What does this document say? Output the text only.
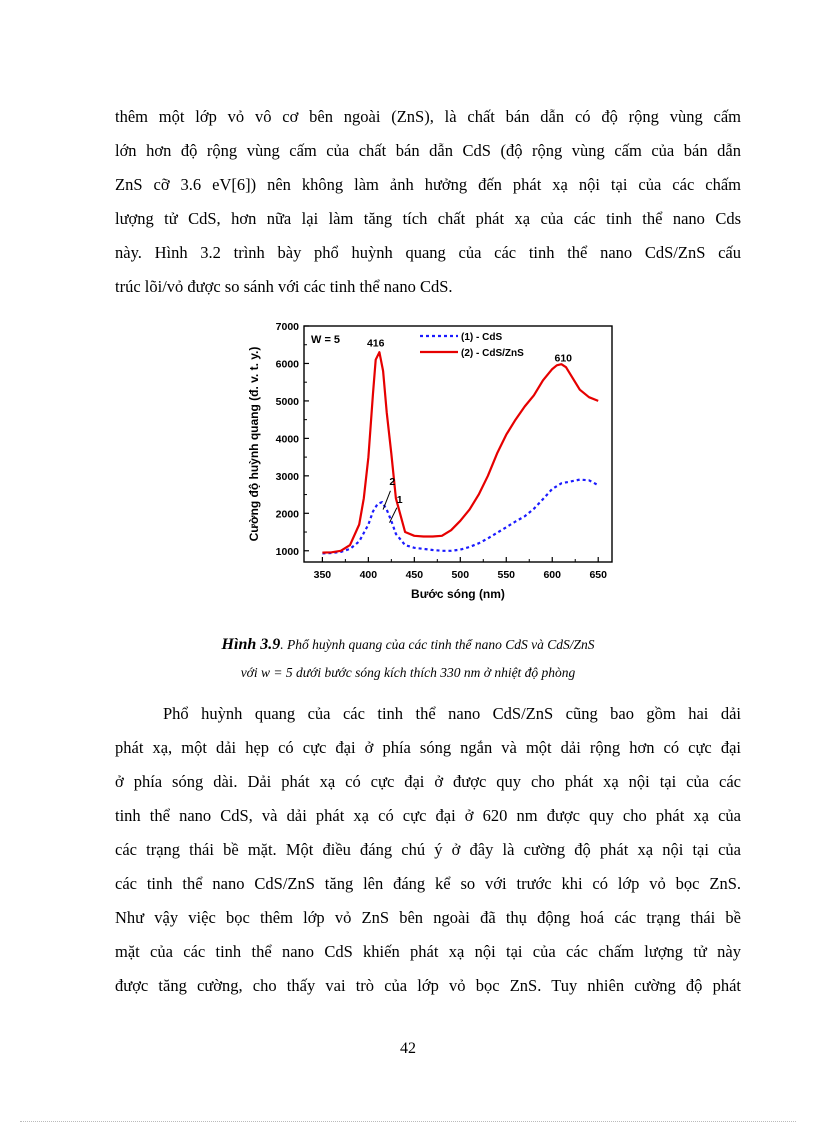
thêm một lớp vỏ vô cơ bên ngoài (ZnS), là chất bán dẫn có độ rộng vùng cấm
lớn hơn độ rộng vùng cấm của chất bán dẫn CdS (độ rộng vùng cấm của bán dẫn
ZnS cỡ 3.6 eV[6]) nên không làm ảnh hưởng đến phát xạ nội tại của các chấm
lượng tử CdS, hơn nữa lại làm tăng tích chất phát xạ của các tinh thể nano Cds
này. Hình 3.2 trình bày phổ huỳnh quang của các tinh thể nano CdS/ZnS cấu
trúc lõi/vỏ được so sánh với các tinh thể nano CdS.
350	400	450	500	550	600	650
1000
2000
3000
4000
5000
6000
7000
Bước sóng (nm)
Cường độ huỳnh quang (đ. v. t. y.)
W = 5	(1) - CdS
(2) - CdS/ZnS
416
610
2
1
Hình 3.9. Phổ huỳnh quang của các tinh thể nano CdS và CdS/ZnS
với w = 5 dưới bước sóng kích thích 330 nm ở nhiệt độ phòng
Phổ huỳnh quang của các tinh thể nano CdS/ZnS cũng bao gồm hai dải
phát xạ, một dải hẹp có cực đại ở phía sóng ngắn và một dải rộng hơn có cực đại
ở phía sóng dài. Dải phát xạ có cực đại ở được quy cho phát xạ nội tại của các
tinh thể nano CdS, và dải phát xạ có cực đại ở 620 nm được quy cho phát xạ của
các trạng thái bề mặt. Một điều đáng chú ý ở đây là cường độ phát xạ nội tại của
các tinh thể nano CdS/ZnS tăng lên đáng kể so với trước khi có lớp vỏ bọc ZnS.
Như vậy việc bọc thêm lớp vỏ ZnS bên ngoài đã thụ động hoá các trạng thái bề
mặt của các tinh thể nano CdS khiến phát xạ nội tại của các chấm lượng tử này
được tăng cường, cho thấy vai trò của lớp vỏ bọc ZnS. Tuy nhiên cường độ phát
42
